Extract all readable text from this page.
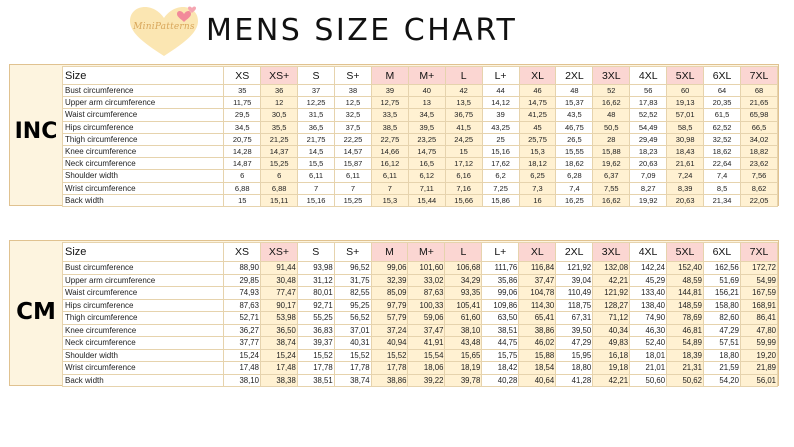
MiniPatterns MENS SIZE CHART
INC
Size	XS	XS+	S	S+	M	M+	L	L+	XL	2XL	3XL	4XL	5XL	6XL	7XL
Bust circumference	35	36	37	38	39	40	42	44	46	48	52	56	60	64	68
Upper arm circumference	11,75	12	12,25	12,5	12,75	13	13,5	14,12	14,75	15,37	16,62	17,83	19,13	20,35	21,65
Waist circumference	29,5	30,5	31,5	32,5	33,5	34,5	36,75	39	41,25	43,5	48	52,52	57,01	61,5	65,98
Hips circumference	34,5	35,5	36,5	37,5	38,5	39,5	41,5	43,25	45	46,75	50,5	54,49	58,5	62,52	66,5
Thigh circumference	20,75	21,25	21,75	22,25	22,75	23,25	24,25	25	25,75	26,5	28	29,49	30,98	32,52	34,02
Knee circumference	14,28	14,37	14,5	14,57	14,66	14,75	15	15,16	15,3	15,55	15,88	18,23	18,43	18,62	18,82
Neck circumference	14,87	15,25	15,5	15,87	16,12	16,5	17,12	17,62	18,12	18,62	19,62	20,63	21,61	22,64	23,62
Shoulder width	6	6	6,11	6,11	6,11	6,12	6,16	6,2	6,25	6,28	6,37	7,09	7,24	7,4	7,56
Wrist circumference	6,88	6,88	7	7	7	7,11	7,16	7,25	7,3	7,4	7,55	8,27	8,39	8,5	8,62
Back width	15	15,11	15,16	15,25	15,3	15,44	15,66	15,86	16	16,25	16,62	19,92	20,63	21,34	22,05
CM
Size	XS	XS+	S	S+	M	M+	L	L+	XL	2XL	3XL	4XL	5XL	6XL	7XL
Bust circumference	88,90	91,44	93,98	96,52	99,06	101,60	106,68	111,76	116,84	121,92	132,08	142,24	152,40	162,56	172,72
Upper arm circumference	29,85	30,48	31,12	31,75	32,39	33,02	34,29	35,86	37,47	39,04	42,21	45,29	48,59	51,69	54,99
Waist circumference	74,93	77,47	80,01	82,55	85,09	87,63	93,35	99,06	104,78	110,49	121,92	133,40	144,81	156,21	167,59
Hips circumference	87,63	90,17	92,71	95,25	97,79	100,33	105,41	109,86	114,30	118,75	128,27	138,40	148,59	158,80	168,91
Thigh circumference	52,71	53,98	55,25	56,52	57,79	59,06	61,60	63,50	65,41	67,31	71,12	74,90	78,69	82,60	86,41
Knee circumference	36,27	36,50	36,83	37,01	37,24	37,47	38,10	38,51	38,86	39,50	40,34	46,30	46,81	47,29	47,80
Neck circumference	37,77	38,74	39,37	40,31	40,94	41,91	43,48	44,75	46,02	47,29	49,83	52,40	54,89	57,51	59,99
Shoulder width	15,24	15,24	15,52	15,52	15,52	15,54	15,65	15,75	15,88	15,95	16,18	18,01	18,39	18,80	19,20
Wrist circumference	17,48	17,48	17,78	17,78	17,78	18,06	18,19	18,42	18,54	18,80	19,18	21,01	21,31	21,59	21,89
Back width	38,10	38,38	38,51	38,74	38,86	39,22	39,78	40,28	40,64	41,28	42,21	50,60	50,62	54,20	56,01
